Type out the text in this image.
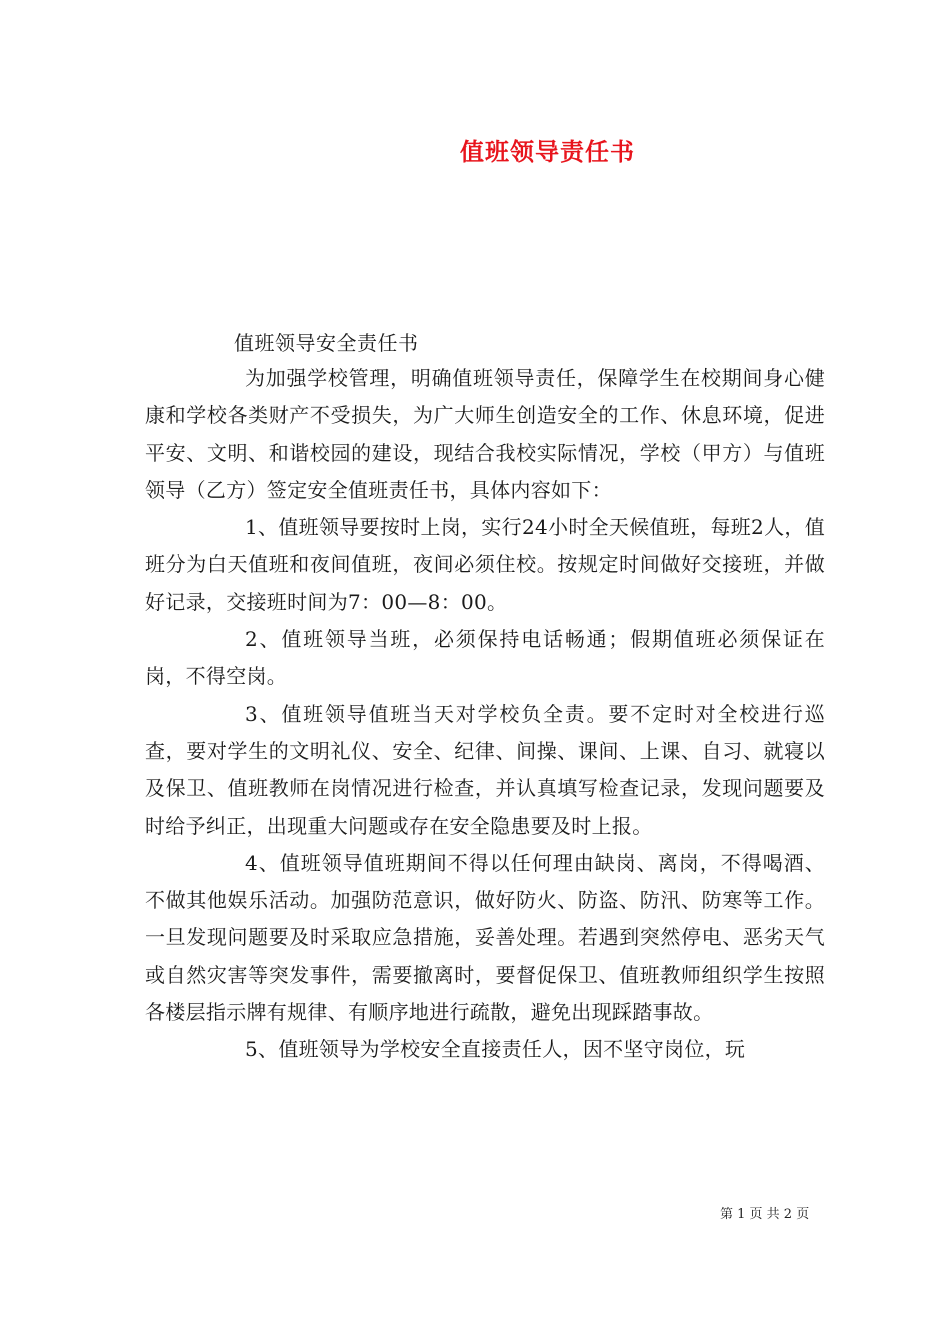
值班领导责任书
值班领导安全责任书

为加强学校管理，明确值班领导责任，保障学生在校期间身心健康和学校各类财产不受损失，为广大师生创造安全的工作、休息环境，促进平安、文明、和谐校园的建设，现结合我校实际情况，学校（甲方）与值班领导（乙方）签定安全值班责任书，具体内容如下：

1、值班领导要按时上岗，实行24小时全天候值班，每班2人，值班分为白天值班和夜间值班，夜间必须住校。按规定时间做好交接班，并做好记录，交接班时间为7：00—8：00。

2、值班领导当班，必须保持电话畅通；假期值班必须保证在岗，不得空岗。

3、值班领导值班当天对学校负全责。要不定时对全校进行巡查，要对学生的文明礼仪、安全、纪律、间操、课间、上课、自习、就寝以及保卫、值班教师在岗情况进行检查，并认真填写检查记录，发现问题要及时给予纠正，出现重大问题或存在安全隐患要及时上报。

4、值班领导值班期间不得以任何理由缺岗、离岗，不得喝酒、不做其他娱乐活动。加强防范意识，做好防火、防盗、防汛、防寒等工作。一旦发现问题要及时采取应急措施，妥善处理。若遇到突然停电、恶劣天气或自然灾害等突发事件，需要撤离时，要督促保卫、值班教师组织学生按照各楼层指示牌有规律、有顺序地进行疏散，避免出现踩踏事故。

5、值班领导为学校安全直接责任人，因不坚守岗位，玩

第 1 页 共 2 页
